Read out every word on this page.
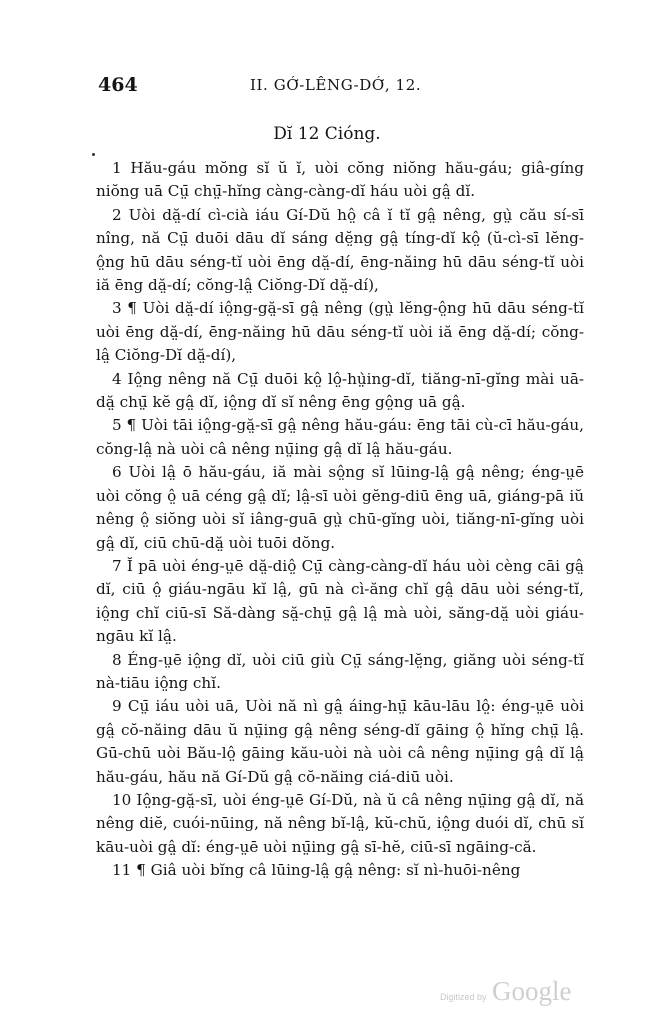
464	II. GỚ-LÊNG-DỚ, 12.
Dĭ 12 Cióng.

1 Hău-gáu mŏng sĭ ŭ ĭ, uòi cŏng niŏng hău-gáu; giâ-gíng niŏng uā Cṳ̄ chṳ̄-hĭng càng-càng-dĭ háu uòi gâ̤ dĭ.

2 Uòi dă̤-dí cì-cià iáu Gí-Dŭ hô̤ câ ĭ tĭ gâ̤ nêng, gṳ̀ cău sí-sī nîng, nă Cṳ̄ duōi dāu dĭ sáng dĕ̤ng gâ̤ tíng-dĭ kô̤ (ŭ-cì-sī lĕng-ô̤ng hū dāu séng-tĭ uòi ēng dă̤-dí, ēng-năing hū dāu séng-tĭ uòi iă ēng dă̤-dí; cŏng-lâ̤ Ciŏng-Dĭ dă̤-dí),

3 ¶ Uòi dă̤-dí iô̤ng-gă̤-sī gâ̤ nêng (gṳ̀ lĕng-ô̤ng hū dāu séng-tĭ uòi ēng dă̤-dí, ēng-năing hū dāu séng-tĭ uòi iă ēng dă̤-dí; cŏng-lâ̤ Ciŏng-Dĭ dă̤-dí),

4 Iô̤ng nêng nă Cṳ̄ duōi kô̤ lô̤-hṳ̀ing-dĭ, tiăng-nī-gĭng mài uā-dă̤ chṳ̄ kĕ gâ̤ dĭ, iô̤ng dĭ sĭ nêng ēng gô̤ng uā gâ̤.

5 ¶ Uòi tāi iô̤ng-gă̤-sī gâ̤ nêng hău-gáu: ēng tāi cù-cī hău-gáu, cŏng-lâ̤ nà uòi câ nêng nṳ̄ing gâ̤ dĭ lâ̤ hău-gáu.

6 Uòi lâ̤ ō hău-gáu, iă mài sô̤ng sĭ lūing-lâ̤ gâ̤ nêng; éng-ṳē uòi cŏng ô̤ uā céng gâ̤ dĭ; lâ̤-sī uòi gĕng-diū ēng uā, giáng-pā iŭ nêng ô̤ siŏng uòi sĭ iâng-guā gṳ̀ chū-gĭng uòi, tiăng-nī-gĭng uòi gâ̤ dĭ, ciū chū-dă̤ uòi tuōi dŏng.

7 Ĭ pā uòi éng-ṳē dă̤-diô̤ Cṳ̄ càng-càng-dĭ háu uòi cèng cāi gâ̤ dĭ, ciū ô̤ giáu-ngāu kĭ lâ̤, gū nà cì-ăng chĭ gâ̤ dāu uòi séng-tĭ, iô̤ng chĭ ciū-sī Să-dàng să̤-chṳ̄ gâ̤ lâ̤ mà uòi, săng-dă̤ uòi giáu-ngāu kĭ lâ̤.

8 Éng-ṳē iô̤ng dĭ, uòi ciū giù Cṳ̄ sáng-lĕ̤ng, giăng uòi séng-tĭ nà-tiāu iô̤ng chĭ.

9 Cṳ̄ iáu uòi uā, Uòi nă nì gâ̤ áing-hṳ̄ kāu-lāu lô̤: éng-ṳē uòi gâ̤ cŏ-năing dāu ŭ nṳ̄ing gâ̤ nêng séng-dĭ gāing ô̤ hĭng chṳ̄ lâ̤. Gū-chū uòi Bău-lô̤ gāing kău-uòi nà uòi câ nêng nṳ̄ing gâ̤ dĭ lâ̤ hău-gáu, hău nă Gí-Dŭ gâ̤ cŏ-năing ciá-diū uòi.

10 Iô̤ng-gă̤-sī, uòi éng-ṳē Gí-Dŭ, nà ŭ câ nêng nṳ̄ing gâ̤ dĭ, nă nêng diĕ, cuói-nūing, nă nêng bĭ-lâ̤, kŭ-chŭ, iô̤ng duói dĭ, chū sĭ kāu-uòi gâ̤ dĭ: éng-ṳē uòi nṳ̄ing gâ̤ sī-hĕ, ciū-sī ngāing-că.

11 ¶ Giâ uòi bĭng câ lūing-lâ̤ gâ̤ nêng: sĭ nì-huōi-nêng

Digitized by Google
